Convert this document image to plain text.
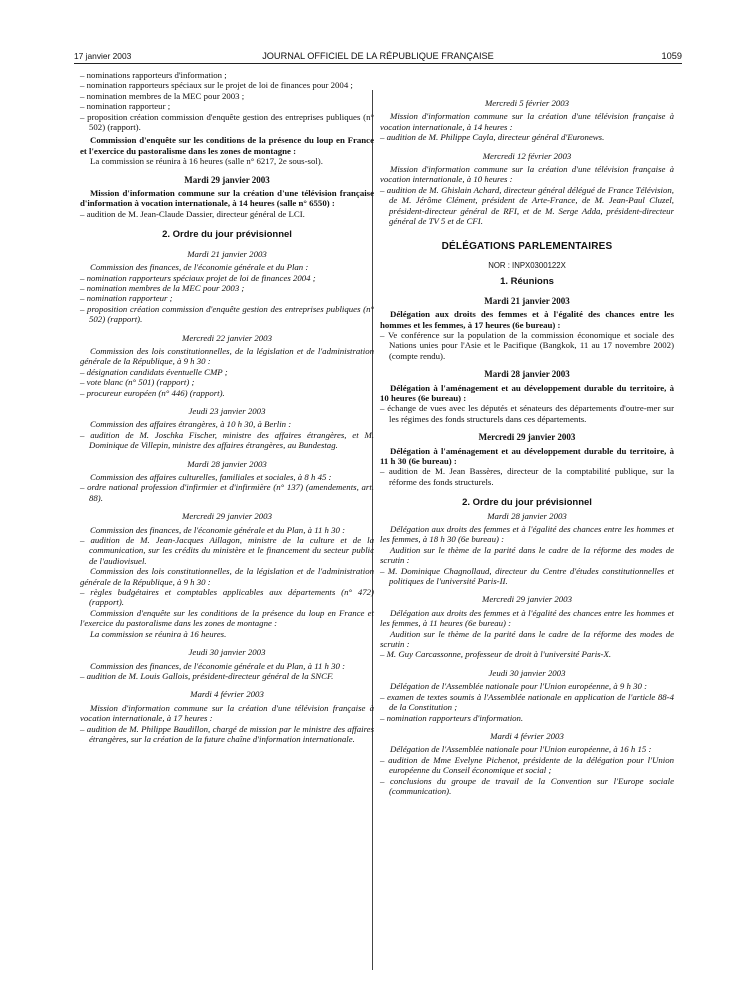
17 janvier 2003	JOURNAL OFFICIEL DE LA RÉPUBLIQUE FRANÇAISE	1059

– nominations rapporteurs d'information ;

– nomination rapporteurs spéciaux sur le projet de loi de finances pour 2004 ;

– nomination membres de la MEC pour 2003 ;

– nomination rapporteur ;

– proposition création commission d'enquête gestion des entreprises publiques (n° 502) (rapport).

Commission d'enquête sur les conditions de la présence du loup en France et l'exercice du pastoralisme dans les zones de montagne :

La commission se réunira à 16 heures (salle n° 6217, 2e sous-sol).

Mardi 29 janvier 2003

Mission d'information commune sur la création d'une télévision française d'information à vocation internationale, à 14 heures (salle n° 6550) :

– audition de M. Jean-Claude Dassier, directeur général de LCI.

2. Ordre du jour prévisionnel

Mardi 21 janvier 2003

Commission des finances, de l'économie générale et du Plan :

– nomination rapporteurs spéciaux projet de loi de finances 2004 ;

– nomination membres de la MEC pour 2003 ;

– nomination rapporteur ;

– proposition création commission d'enquête gestion des entreprises publiques (n° 502) (rapport).

Mercredi 22 janvier 2003

Commission des lois constitutionnelles, de la législation et de l'administration générale de la République, à 9 h 30 :

– désignation candidats éventuelle CMP ;

– vote blanc (n° 501) (rapport) ;

– procureur européen (n° 446) (rapport).

Jeudi 23 janvier 2003

Commission des affaires étrangères, à 10 h 30, à Berlin :

– audition de M. Joschka Fischer, ministre des affaires étrangères, et M. Dominique de Villepin, ministre des affaires étrangères, au Bundestag.

Mardi 28 janvier 2003

Commission des affaires culturelles, familiales et sociales, à 8 h 45 :

– ordre national profession d'infirmier et d'infirmière (n° 137) (amendements, art. 88).

Mercredi 29 janvier 2003

Commission des finances, de l'économie générale et du Plan, à 11 h 30 :

– audition de M. Jean-Jacques Aillagon, ministre de la culture et de la communication, sur les crédits du ministère et le financement du secteur public de l'audiovisuel.

Commission des lois constitutionnelles, de la législation et de l'administration générale de la République, à 9 h 30 :

– règles budgétaires et comptables applicables aux départements (n° 472) (rapport).

Commission d'enquête sur les conditions de la présence du loup en France et l'exercice du pastoralisme dans les zones de montagne :

La commission se réunira à 16 heures.

Jeudi 30 janvier 2003

Commission des finances, de l'économie générale et du Plan, à 11 h 30 :

– audition de M. Louis Gallois, président-directeur général de la SNCF.

Mardi 4 février 2003

Mission d'information commune sur la création d'une télévision française à vocation internationale, à 17 heures :

– audition de M. Philippe Baudillon, chargé de mission par le ministre des affaires étrangères, sur la création de la future chaîne d'information internationale.

Mercredi 5 février 2003

Mission d'information commune sur la création d'une télévision française à vocation internationale, à 14 heures :

– audition de M. Philippe Cayla, directeur général d'Euronews.

Mercredi 12 février 2003

Mission d'information commune sur la création d'une télévision française à vocation internationale, à 10 heures :

– audition de M. Ghislain Achard, directeur général délégué de France Télévision, de M. Jérôme Clément, président de Arte-France, de M. Jean-Paul Cluzel, président-directeur général de RFI, et de M. Serge Adda, président-directeur général de TV 5 et de CFI.

DÉLÉGATIONS PARLEMENTAIRES

NOR : INPX0300122X

1. Réunions

Mardi 21 janvier 2003

Délégation aux droits des femmes et à l'égalité des chances entre les hommes et les femmes, à 17 heures (6e bureau) :

– Ve conférence sur la population de la commission économique et sociale des Nations unies pour l'Asie et le Pacifique (Bangkok, 11 au 17 novembre 2002) (compte rendu).

Mardi 28 janvier 2003

Délégation à l'aménagement et au développement durable du territoire, à 10 heures (6e bureau) :

– échange de vues avec les députés et sénateurs des départements d'outre-mer sur les régimes des fonds structurels dans ces départements.

Mercredi 29 janvier 2003

Délégation à l'aménagement et au développement durable du territoire, à 11 h 30 (6e bureau) :

– audition de M. Jean Bassères, directeur de la comptabilité publique, sur la réforme des fonds structurels.

2. Ordre du jour prévisionnel

Mardi 28 janvier 2003

Délégation aux droits des femmes et à l'égalité des chances entre les hommes et les femmes, à 18 h 30 (6e bureau) :

Audition sur le thème de la parité dans le cadre de la réforme des modes de scrutin :

– M. Dominique Chagnollaud, directeur du Centre d'études constitutionnelles et politiques de l'université Paris-II.

Mercredi 29 janvier 2003

Délégation aux droits des femmes et à l'égalité des chances entre les hommes et les femmes, à 11 heures (6e bureau) :

Audition sur le thème de la parité dans le cadre de la réforme des modes de scrutin :

– M. Guy Carcassonne, professeur de droit à l'université Paris-X.

Jeudi 30 janvier 2003

Délégation de l'Assemblée nationale pour l'Union européenne, à 9 h 30 :

– examen de textes soumis à l'Assemblée nationale en application de l'article 88-4 de la Constitution ;

– nomination rapporteurs d'information.

Mardi 4 février 2003

Délégation de l'Assemblée nationale pour l'Union européenne, à 16 h 15 :

– audition de Mme Evelyne Pichenot, présidente de la délégation pour l'Union européenne du Conseil économique et social ;

– conclusions du groupe de travail de la Convention sur l'Europe sociale (communication).
